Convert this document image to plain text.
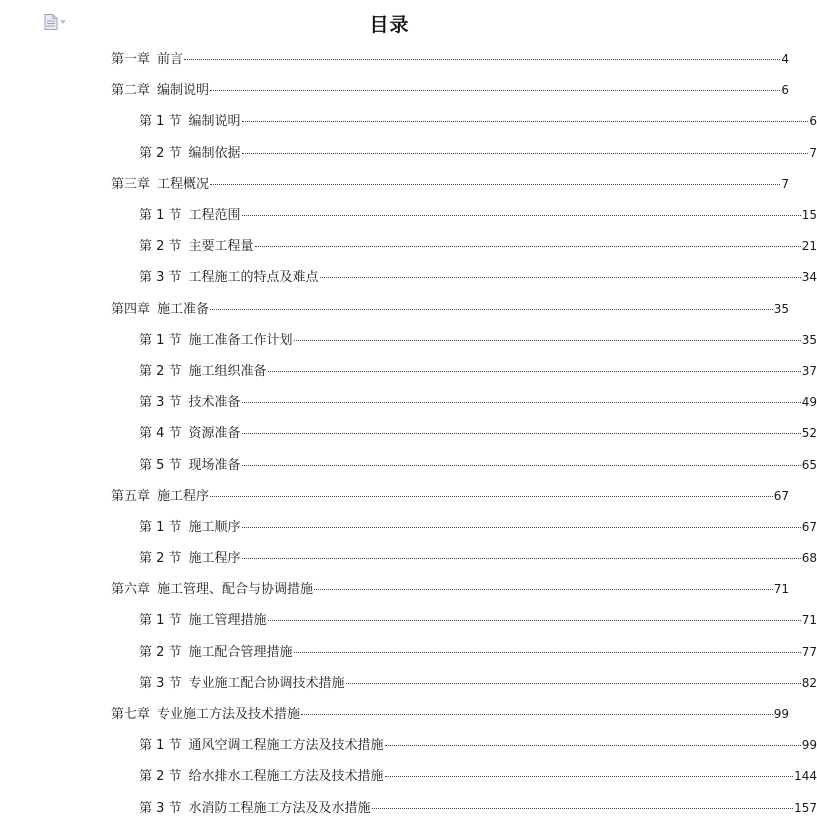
目录
第一章 前言	4
第二章 编制说明	6
第 1 节 编制说明	6
第 2 节 编制依据	7
第三章 工程概况	7
第 1 节 工程范围	15
第 2 节 主要工程量	21
第 3 节 工程施工的特点及难点	34
第四章 施工准备	35
第 1 节 施工准备工作计划	35
第 2 节 施工组织准备	37
第 3 节 技术准备	49
第 4 节 资源准备	52
第 5 节 现场准备	65
第五章 施工程序	67
第 1 节 施工顺序	67
第 2 节 施工程序	68
第六章 施工管理、配合与协调措施	71
第 1 节 施工管理措施	71
第 2 节 施工配合管理措施	77
第 3 节 专业施工配合协调技术措施	82
第七章 专业施工方法及技术措施	99
第 1 节 通风空调工程施工方法及技术措施	99
第 2 节 给水排水工程施工方法及技术措施	144
第 3 节 水消防工程施工方法及及水措施	157
